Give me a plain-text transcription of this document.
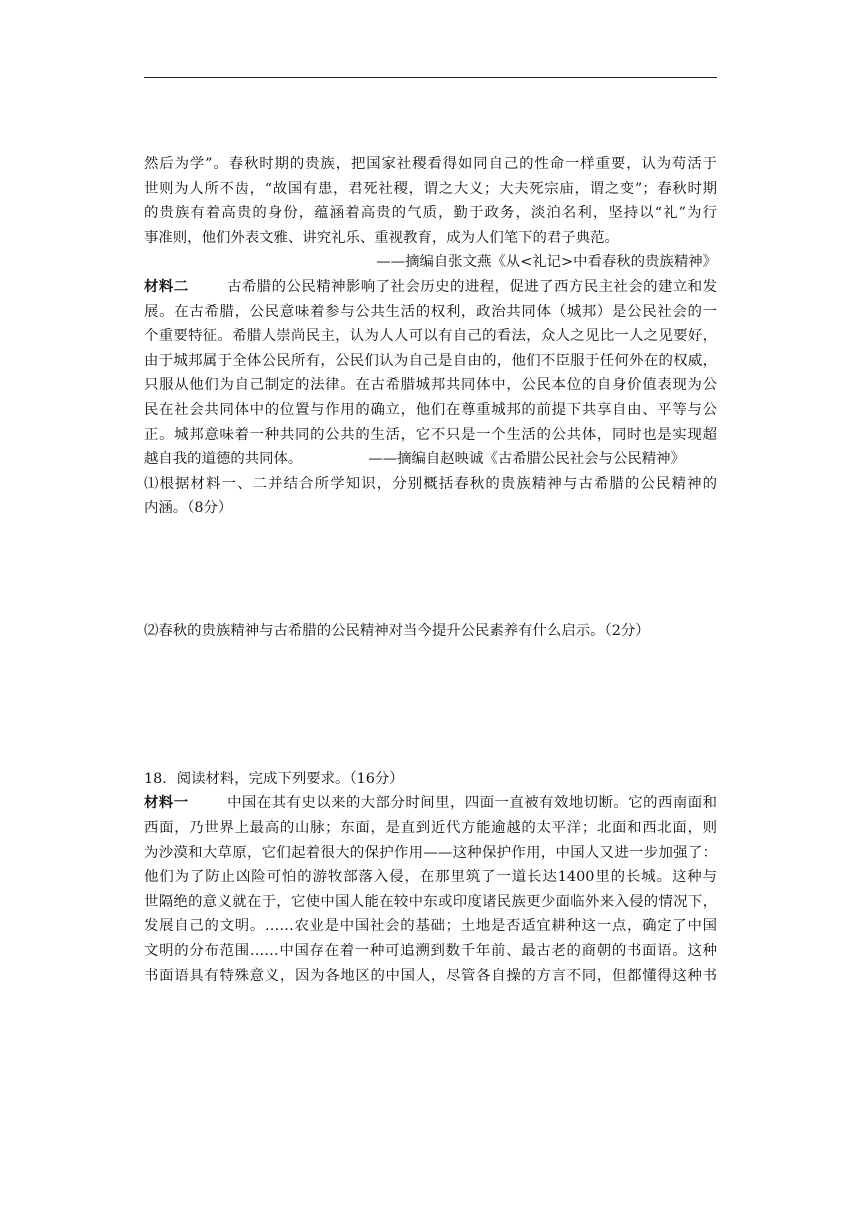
然后为学”。春秋时期的贵族，把国家社稷看得如同自己的性命一样重要，认为苟活于
世则为人所不齿，“故国有患，君死社稷，谓之大义；大夫死宗庙，谓之变”；春秋时期
的贵族有着高贵的身份，蕴涵着高贵的气质，勤于政务，淡泊名利，坚持以“礼”为行
事准则，他们外表文雅、讲究礼乐、重视教育，成为人们笔下的君子典范。
——摘编自张文燕《从<礼记>中看春秋的贵族精神》
材料二	古希腊的公民精神影响了社会历史的进程，促进了西方民主社会的建立和发
展。在古希腊，公民意味着参与公共生活的权利，政治共同体（城邦）是公民社会的一
个重要特征。希腊人崇尚民主，认为人人可以有自己的看法，众人之见比一人之见要好，
由于城邦属于全体公民所有，公民们认为自己是自由的，他们不臣服于任何外在的权威，
只服从他们为自己制定的法律。在古希腊城邦共同体中，公民本位的自身价值表现为公
民在社会共同体中的位置与作用的确立，他们在尊重城邦的前提下共享自由、平等与公
正。城邦意味着一种共同的公共的生活，它不只是一个生活的公共体，同时也是实现超
越自我的道德的共同体。	——摘编自赵映诚《古希腊公民社会与公民精神》
⑴根据材料一、二并结合所学知识，分别概括春秋的贵族精神与古希腊的公民精神的
内涵。（8分）
⑵春秋的贵族精神与古希腊的公民精神对当今提升公民素养有什么启示。（2分）
18．阅读材料，完成下列要求。（16分）
材料一	中国在其有史以来的大部分时间里，四面一直被有效地切断。它的西南面和
西面，乃世界上最高的山脉；东面，是直到近代方能逾越的太平洋；北面和西北面，则
为沙漠和大草原，它们起着很大的保护作用——这种保护作用，中国人又进一步加强了：
他们为了防止凶险可怕的游牧部落入侵，在那里筑了一道长达1400里的长城。这种与
世隔绝的意义就在于，它使中国人能在较中东或印度诸民族更少面临外来入侵的情况下，
发展自己的文明。……农业是中国社会的基础；土地是否适宜耕种这一点，确定了中国
文明的分布范围……中国存在着一种可追溯到数千年前、最古老的商朝的书面语。这种
书面语具有特殊意义，因为各地区的中国人，尽管各自操的方言不同，但都懂得这种书
